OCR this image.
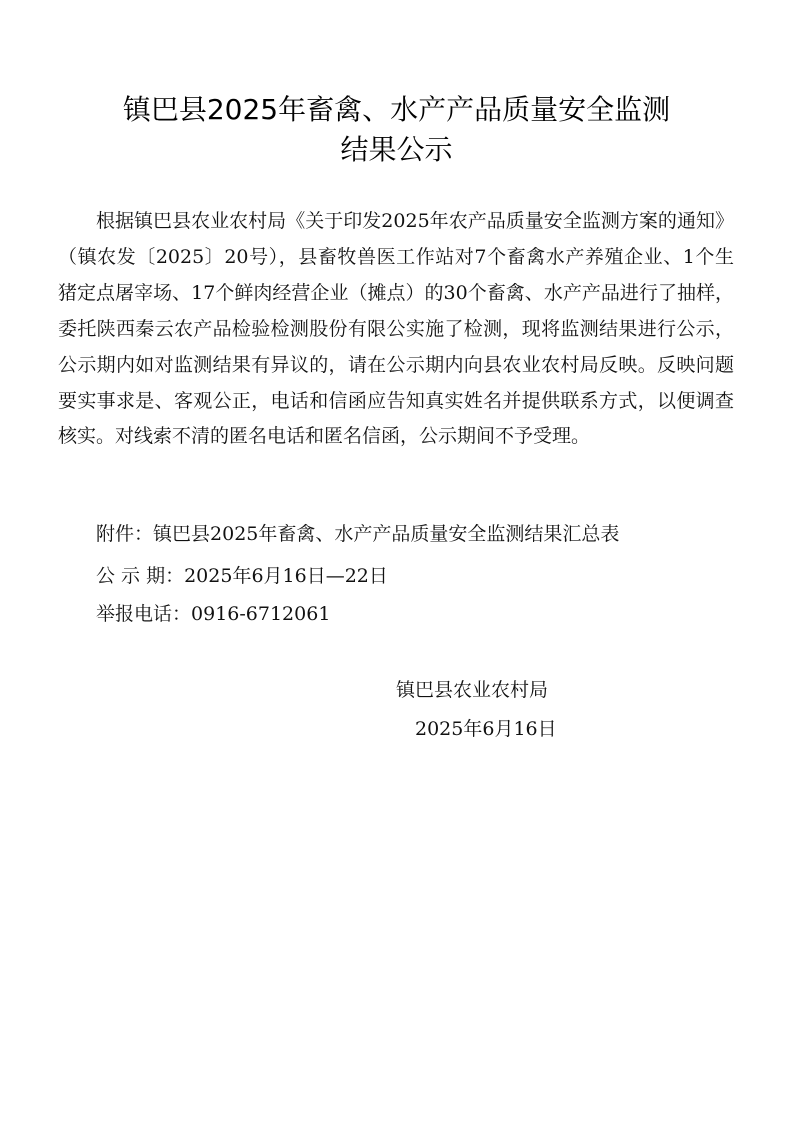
镇巴县2025年畜禽、水产产品质量安全监测
结果公示

根据镇巴县农业农村局《关于印发2025年农产品质量安全监测方案的通知》（镇农发〔2025〕20号），县畜牧兽医工作站对7个畜禽水产养殖企业、1个生猪定点屠宰场、17个鲜肉经营企业（摊点）的30个畜禽、水产产品进行了抽样，委托陕西秦云农产品检验检测股份有限公实施了检测，现将监测结果进行公示，公示期内如对监测结果有异议的，请在公示期内向县农业农村局反映。反映问题要实事求是、客观公正，电话和信函应告知真实姓名并提供联系方式，以便调查核实。对线索不清的匿名电话和匿名信函，公示期间不予受理。

附件：镇巴县2025年畜禽、水产产品质量安全监测结果汇总表
公 示 期：2025年6月16日—22日
举报电话：0916-6712061
镇巴县农业农村局
2025年6月16日
